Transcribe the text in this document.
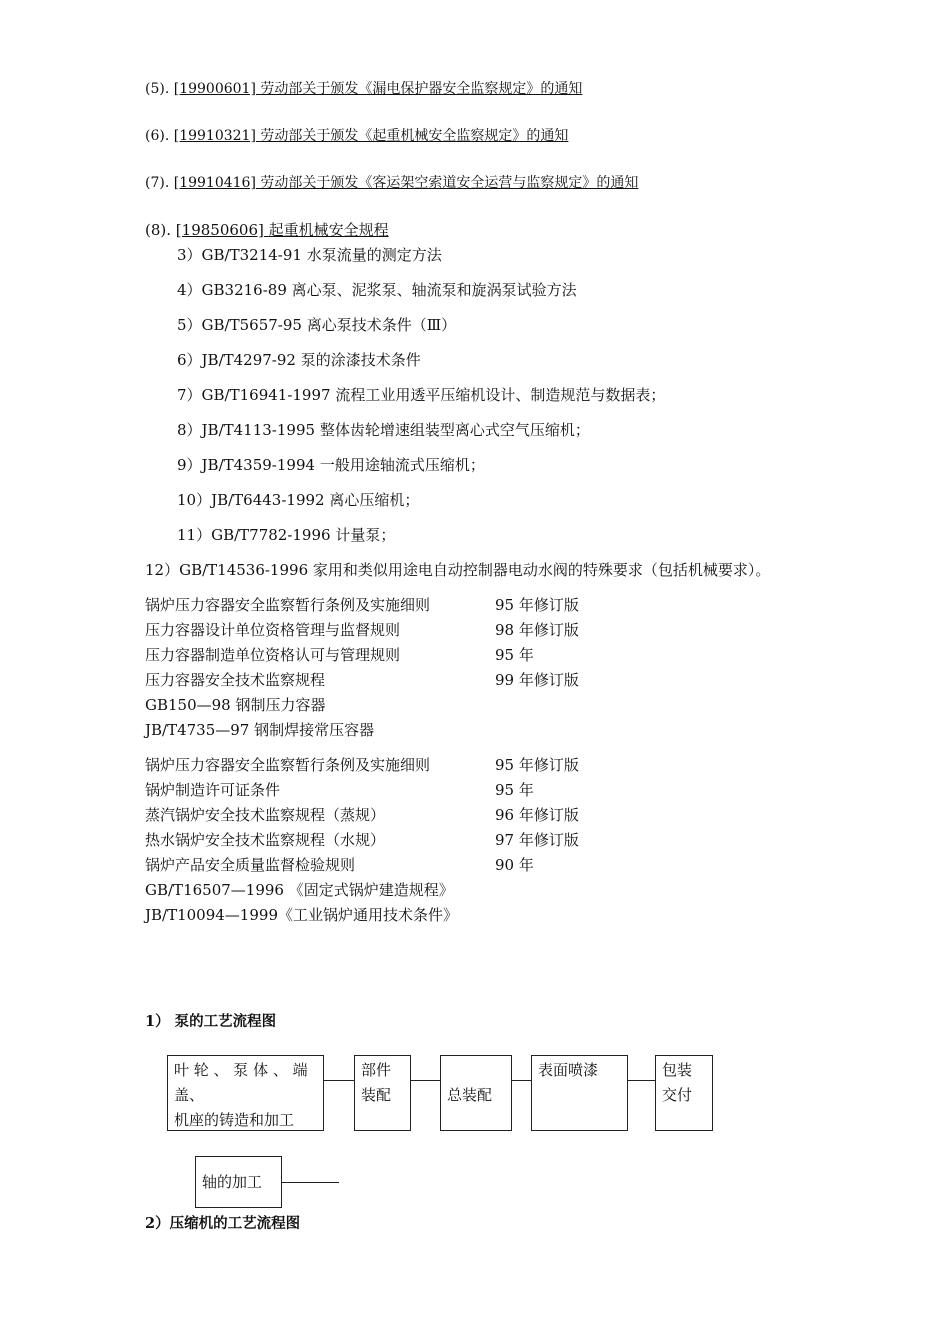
(5). [19900601] 劳动部关于颁发《漏电保护器安全监察规定》的通知
(6). [19910321] 劳动部关于颁发《起重机械安全监察规定》的通知
(7). [19910416] 劳动部关于颁发《客运架空索道安全运营与监察规定》的通知
(8). [19850606] 起重机械安全规程
3）GB/T3214-91 水泵流量的测定方法
4）GB3216-89 离心泵、泥浆泵、轴流泵和旋涡泵试验方法
5）GB/T5657-95 离心泵技术条件（Ⅲ）
6）JB/T4297-92 泵的涂漆技术条件
7）GB/T16941-1997 流程工业用透平压缩机设计、制造规范与数据表；
8）JB/T4113-1995 整体齿轮增速组装型离心式空气压缩机；
9）JB/T4359-1994 一般用途轴流式压缩机；
10）JB/T6443-1992 离心压缩机；
11）GB/T7782-1996 计量泵；
12）GB/T14536-1996 家用和类似用途电自动控制器电动水阀的特殊要求（包括机械要求）。
锅炉压力容器安全监察暂行条例及实施细则	95 年修订版
压力容器设计单位资格管理与监督规则	98 年修订版
压力容器制造单位资格认可与管理规则	95 年
压力容器安全技术监察规程	99 年修订版
GB150—98 钢制压力容器
JB/T4735—97 钢制焊接常压容器
锅炉压力容器安全监察暂行条例及实施细则	95 年修订版
锅炉制造许可证条件	95 年
蒸汽锅炉安全技术监察规程（蒸规）	96 年修订版
热水锅炉安全技术监察规程（水规）	97 年修订版
锅炉产品安全质量监督检验规则	90 年
GB/T16507—1996 《固定式锅炉建造规程》
JB/T10094—1999《工业锅炉通用技术条件》
1） 泵的工艺流程图
叶 轮 、 泵 体 、 端
盖、
机座的铸造和加工
部件
装配	总装配
表面喷漆	包装
交付
轴的加工
2）压缩机的工艺流程图
